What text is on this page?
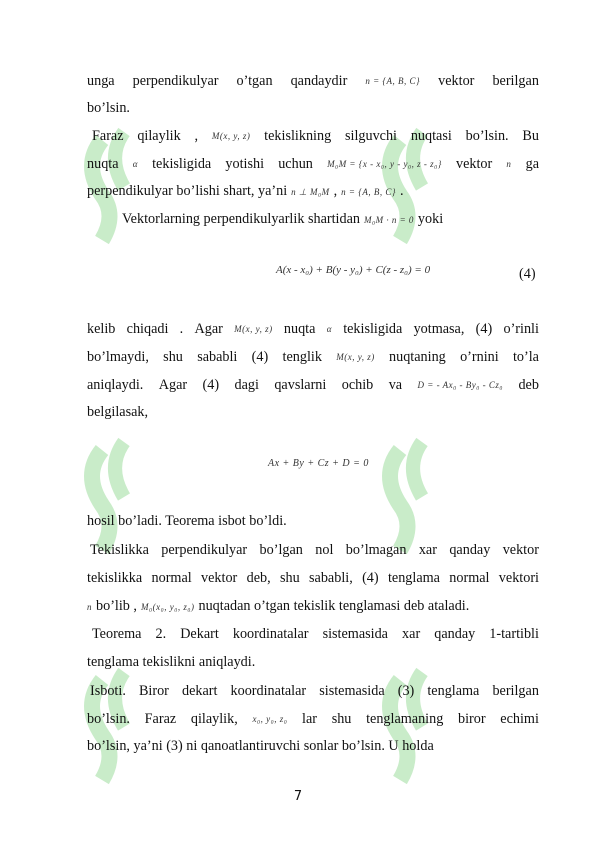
unga perpendikulyar o’tgan qandaydir n = {A, B, C} vektor berilgan
bo’lsin.
Faraz qilaylik , M(x, y, z) tekislikning silguvchi nuqtasi bo’lsin. Bu
nuqta α tekisligida yotishi uchun M₀M = {x - x₀, y - y₀, z - z₀} vektor n ga
perpendikulyar bo’lishi shart, ya’ni n ⊥ M₀M , n = {A, B, C} .
Vektorlarning perpendikulyarlik shartidan M₀M · n = 0 yoki
kelib chiqadi . Agar M(x, y, z) nuqta α tekisligida yotmasa, (4) o’rinli
bo’lmaydi, shu sababli (4) tenglik M(x, y, z) nuqtaning o’rnini to’la
aniqlaydi. Agar (4) dagi qavslarni ochib va D = - Ax₀ - By₀ - Cz₀ deb
belgilasak,
hosil bo’ladi. Teorema isbot bo’ldi.
Tekislikka perpendikulyar bo’lgan nol bo’lmagan xar qanday vektor
tekislikka normal vektor deb, shu sababli, (4) tenglama normal vektori
n bo’lib , M₀(x₀, y₀, z₀) nuqtadan o’tgan tekislik tenglamasi deb ataladi.
Teorema 2. Dekart koordinatalar sistemasida xar qanday 1-tartibli
tenglama tekislikni aniqlaydi.
Isboti. Biror dekart koordinatalar sistemasida (3) tenglama berilgan
bo’lsin. Faraz qilaylik, x₀, y₀, z₀ lar shu tenglamaning biror echimi
bo’lsin, ya’ni (3) ni qanoatlantiruvchi sonlar bo’lsin. U holda
A(x - x₀) + B(y - y₀) + C(z - z₀) = 0	(4)
Ax + By + Cz + D = 0
7
